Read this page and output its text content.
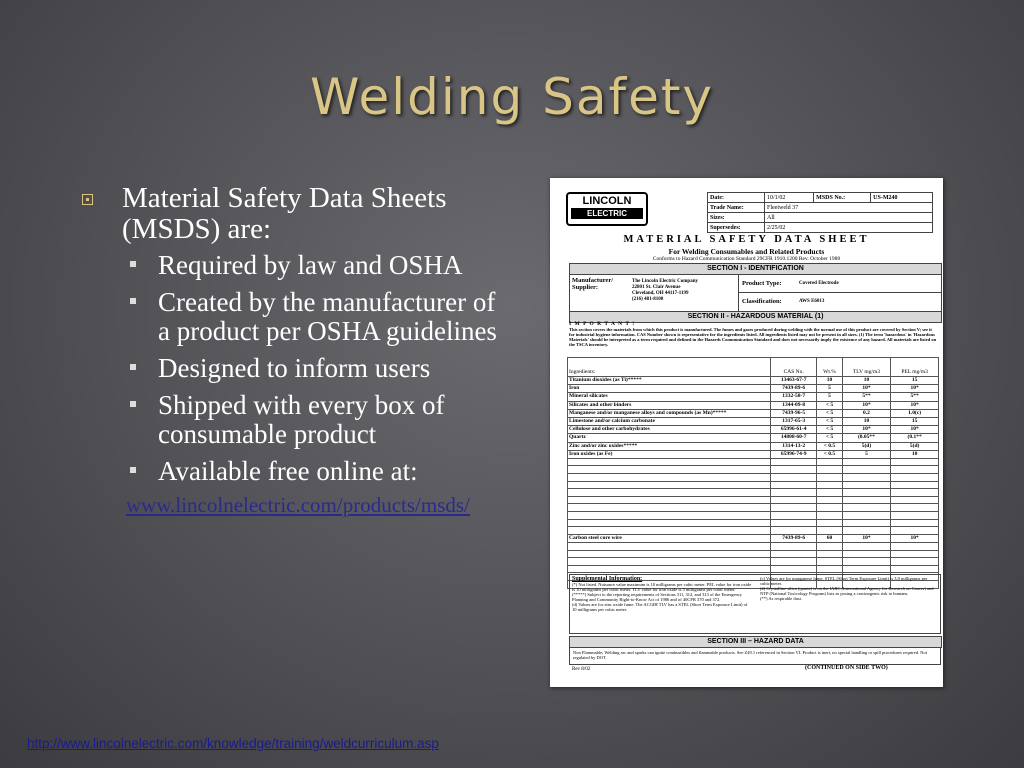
Welding Safety
Material Safety Data Sheets (MSDS) are:
Required by law and OSHA
Created by the manufacturer of a product per OSHA guidelines
Designed to inform users
Shipped with every box of consumable product
Available free online at:
www.lincolnelectric.com/products/msds/
http://www.lincolnelectric.com/knowledge/training/weldcurriculum.asp
LINCOLN
ELECTRIC
Date:	10/1/02	MSDS No.:	US-M240
Trade Name:	Fleetweld 37		
Sizes:	All		
Supersedes:	2/25/02		
MATERIAL SAFETY DATA SHEET
For Welding Consumables and Related Products
Conforms to Hazard Communication Standard 29CFR 1910.1200 Rev. October 1988
SECTION I - IDENTIFICATION
Manufacturer/ Supplier:
The Lincoln Electric Company
22801 St. Clair Avenue
Cleveland, OH 44117-1199
(216) 481-8100
Product Type:	Covered Electrode
Classification:	AWS E6013
SECTION II - HAZARDOUS MATERIAL (1)
I M P O R T A N T !
This section covers the materials from which this product is manufactured. The fumes and gases produced during welding with the normal use of this product are covered by Section V; see it for industrial hygiene information. CAS Number shown is representative for the ingredients listed. All ingredients listed may not be present in all sizes. (1) The term 'hazardous' in 'Hazardous Materials' should be interpreted as a term required and defined in the Hazards Communication Standard and does not necessarily imply the existence of any hazard. All materials are listed on the TSCA inventory.
Ingredients:	CAS No.	Wt.%	TLV mg/m3	PEL mg/m3
Titanium dioxides (as Ti)*****	13463-67-7	10	10	15
Iron	7439-89-6	5	10*	10*
Mineral silicates	1332-58-7	5	5**	5**
Silicates and other binders	1344-09-8	< 5	10*	10*
Manganese and/or manganese alloys and compounds (as Mn)*****	7439-96-5	< 5	0.2	1.0(c)
Limestone and/or calcium carbonate	1317-65-3	< 5	10	15
Cellulose and other carbohydrates	65996-61-4	< 5	10*	10*
Quartz	14808-60-7	< 5	(0.05**	(0.1**
Zinc and/or zinc oxides*****	1314-13-2	< 0.5	5(d)	5(d)
Iron oxides (as Fe)	65996-74-9	< 0.5	5	10

Carbon steel core wire	7439-89-6	60	10*	10*

Supplemental Information:
(*) Not listed. Nuisance value maximum is 10 milligrams per cubic meter. PEL value for iron oxide is 10 milligrams per cubic meter. TLV value for iron oxide is 5 milligrams per cubic meter.
(*****) Subject to the reporting requirements of Sections 311, 312, and 313 of the Emergency Planning and Community Right-to-Know Act of 1986 and of 40CFR 370 and 372.
(d) Values are for zinc oxide fume. The ACGIH TLV has a STEL (Short Term Exposure Limit) of 10 milligrams per cubic meter.
(c) Values are for manganese fume. STEL (Short Term Exposure Limit) is 3.0 milligrams per cubic meter.
(#) Crystalline silica (quartz) is on the IARC (International Agency for Research on Cancer) and NTP (National Toxicology Program) lists as posing a carcinogenic risk to humans.
(**) As respirable dust.
SECTION III – HAZARD DATA
Non Flammable; Welding arc and sparks can ignite combustibles and flammable products. See Z49.1 referenced in Section VI. Product is inert, no special handling or spill procedures required. Not regulated by DOT.
Rev 8/02	(CONTINUED ON SIDE TWO)
